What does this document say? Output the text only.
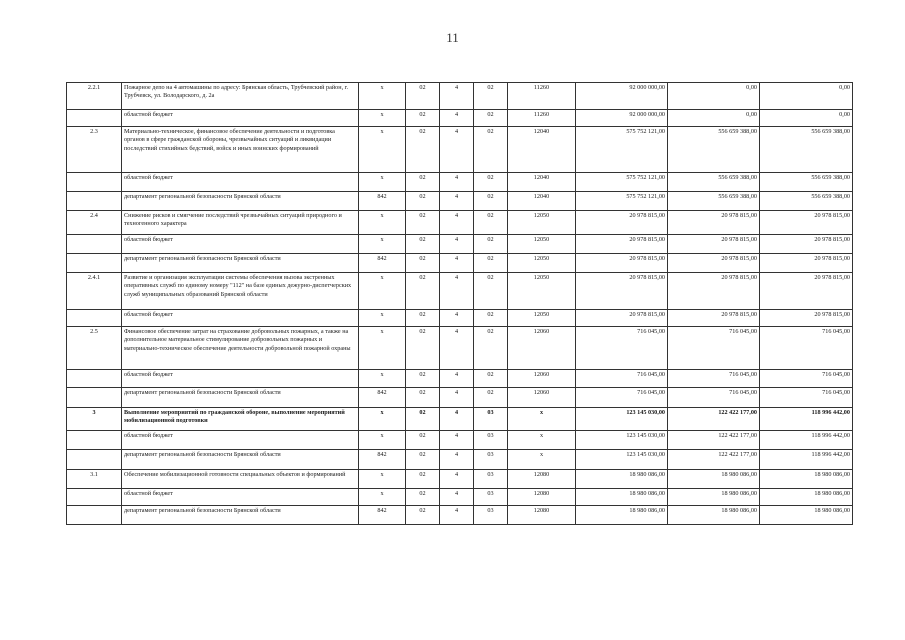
11
2.2.1	Пожарное депо на 4 автомашины по адресу: Брянская область, Трубчевский район, г. Трубчевск, ул. Володарского, д. 2а	x	02	4	02	11260	92 000 000,00	0,00	0,00
	областной бюджет	x	02	4	02	11260	92 000 000,00	0,00	0,00
2.3	Материально-техническое, финансовое обеспечение деятельности и подготовка органов в сфере гражданской обороны, чрезвычайных ситуаций и ликвидации последствий стихийных бедствий, войск и иных воинских формирований	x	02	4	02	12040	575 752 121,00	556 659 388,00	556 659 388,00
	областной бюджет	x	02	4	02	12040	575 752 121,00	556 659 388,00	556 659 388,00
	департамент региональной безопасности Брянской области	842	02	4	02	12040	575 752 121,00	556 659 388,00	556 659 388,00
2.4	Снижение рисков и смягчение последствий чрезвычайных ситуаций природного и техногенного характера	x	02	4	02	12050	20 978 815,00	20 978 815,00	20 978 815,00
	областной бюджет	x	02	4	02	12050	20 978 815,00	20 978 815,00	20 978 815,00
	департамент региональной безопасности Брянской области	842	02	4	02	12050	20 978 815,00	20 978 815,00	20 978 815,00
2.4.1	Развитие и организация эксплуатации системы обеспечения вызова экстренных оперативных служб по единому номеру "112" на базе единых дежурно-диспетчерских служб муниципальных образований Брянской области	x	02	4	02	12050	20 978 815,00	20 978 815,00	20 978 815,00
	областной бюджет	x	02	4	02	12050	20 978 815,00	20 978 815,00	20 978 815,00
2.5	Финансовое обеспечение затрат на страхование добровольных пожарных, а также на дополнительное материальное стимулирование добровольных пожарных и материально-техническое обеспечение деятельности добровольной пожарной охраны	x	02	4	02	12060	716 045,00	716 045,00	716 045,00
	областной бюджет	x	02	4	02	12060	716 045,00	716 045,00	716 045,00
	департамент региональной безопасности Брянской области	842	02	4	02	12060	716 045,00	716 045,00	716 045,00
3	Выполнение мероприятий по гражданской обороне, выполнение мероприятий мобилизационной подготовки	x	02	4	03	x	123 145 030,00	122 422 177,00	118 996 442,00
	областной бюджет	x	02	4	03	x	123 145 030,00	122 422 177,00	118 996 442,00
	департамент региональной безопасности Брянской области	842	02	4	03	x	123 145 030,00	122 422 177,00	118 996 442,00
3.1	Обеспечение мобилизационной готовности специальных объектов и формирований	x	02	4	03	12080	18 980 086,00	18 980 086,00	18 980 086,00
	областной бюджет	x	02	4	03	12080	18 980 086,00	18 980 086,00	18 980 086,00
	департамент региональной безопасности Брянской области	842	02	4	03	12080	18 980 086,00	18 980 086,00	18 980 086,00
